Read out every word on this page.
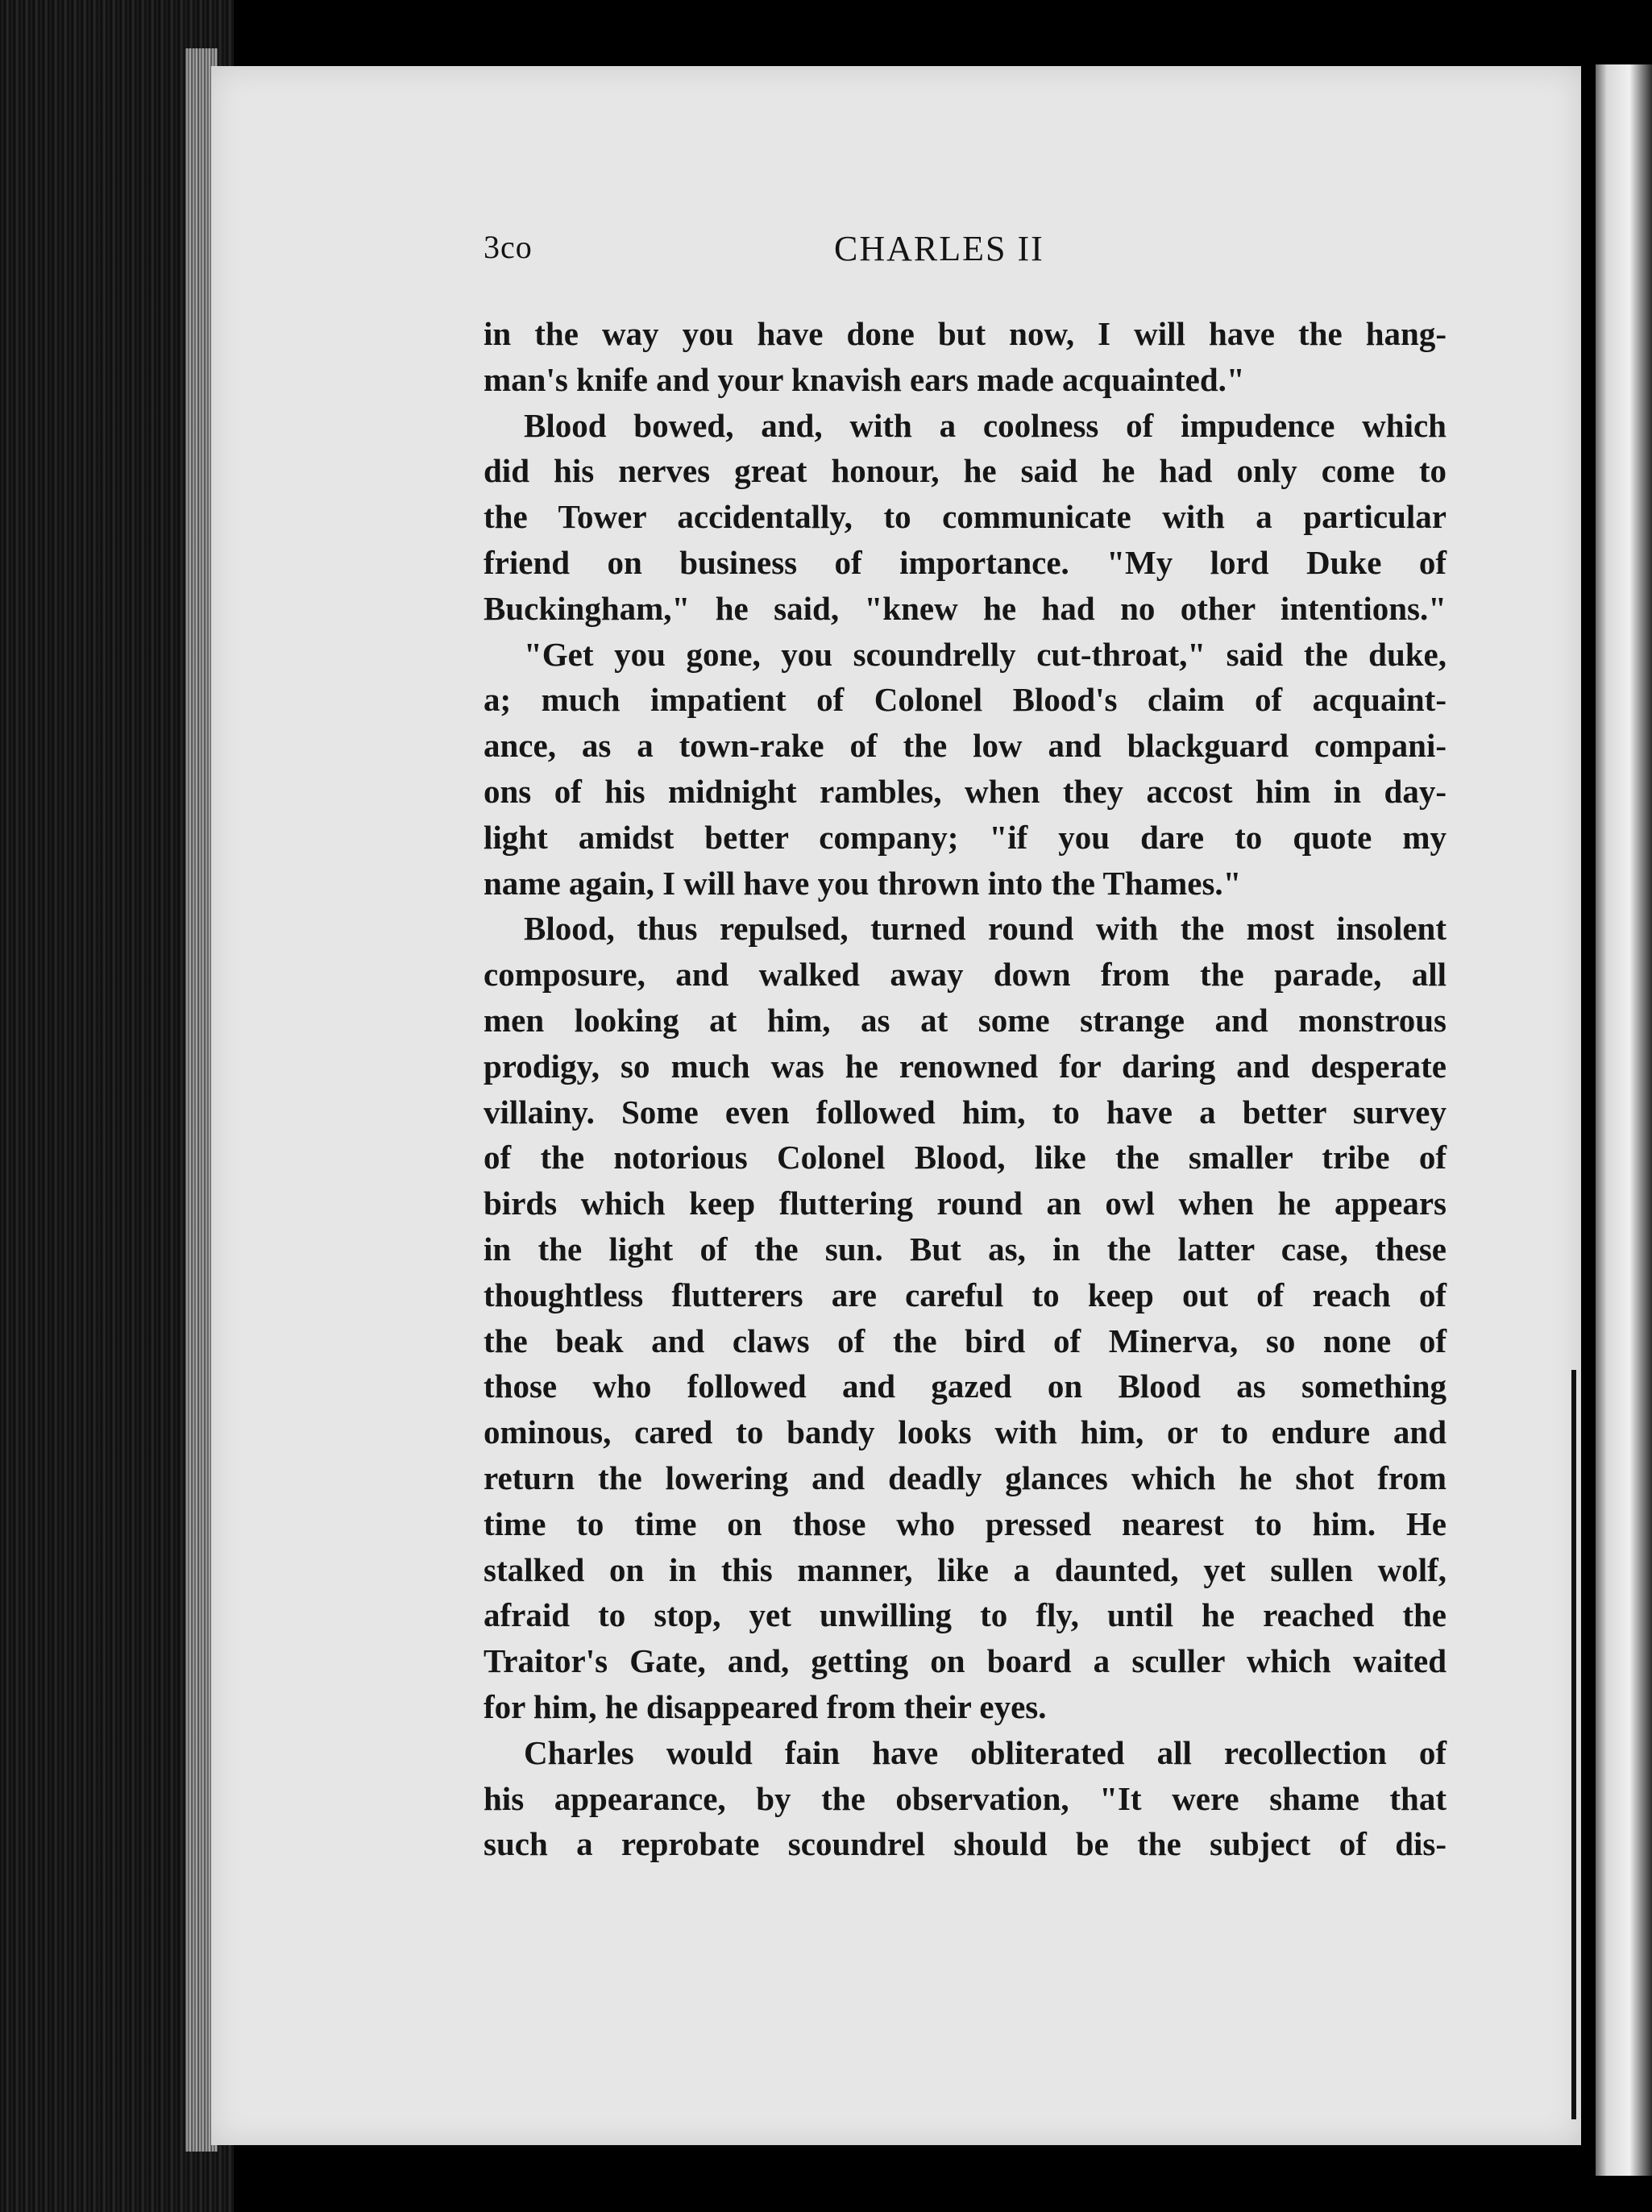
3co	CHARLES II

in the way you have done but now, I will have the hang-

man's knife and your knavish ears made acquainted."

Blood bowed, and, with a coolness of impudence which

did his nerves great honour, he said he had only come to

the Tower accidentally, to communicate with a particular

friend on business of importance. "My lord Duke of

Buckingham," he said, "knew he had no other intentions."

"Get you gone, you scoundrelly cut-throat," said the duke,

a; much impatient of Colonel Blood's claim of acquaint-

ance, as a town-rake of the low and blackguard compani-

ons of his midnight rambles, when they accost him in day-

light amidst better company; "if you dare to quote my

name again, I will have you thrown into the Thames."

Blood, thus repulsed, turned round with the most insolent

composure, and walked away down from the parade, all

men looking at him, as at some strange and monstrous

prodigy, so much was he renowned for daring and desperate

villainy. Some even followed him, to have a better survey

of the notorious Colonel Blood, like the smaller tribe of

birds which keep fluttering round an owl when he appears

in the light of the sun. But as, in the latter case, these

thoughtless flutterers are careful to keep out of reach of

the beak and claws of the bird of Minerva, so none of

those who followed and gazed on Blood as something

ominous, cared to bandy looks with him, or to endure and

return the lowering and deadly glances which he shot from

time to time on those who pressed nearest to him. He

stalked on in this manner, like a daunted, yet sullen wolf,

afraid to stop, yet unwilling to fly, until he reached the

Traitor's Gate, and, getting on board a sculler which waited

for him, he disappeared from their eyes.

Charles would fain have obliterated all recollection of

his appearance, by the observation, "It were shame that

such a reprobate scoundrel should be the subject of dis-
